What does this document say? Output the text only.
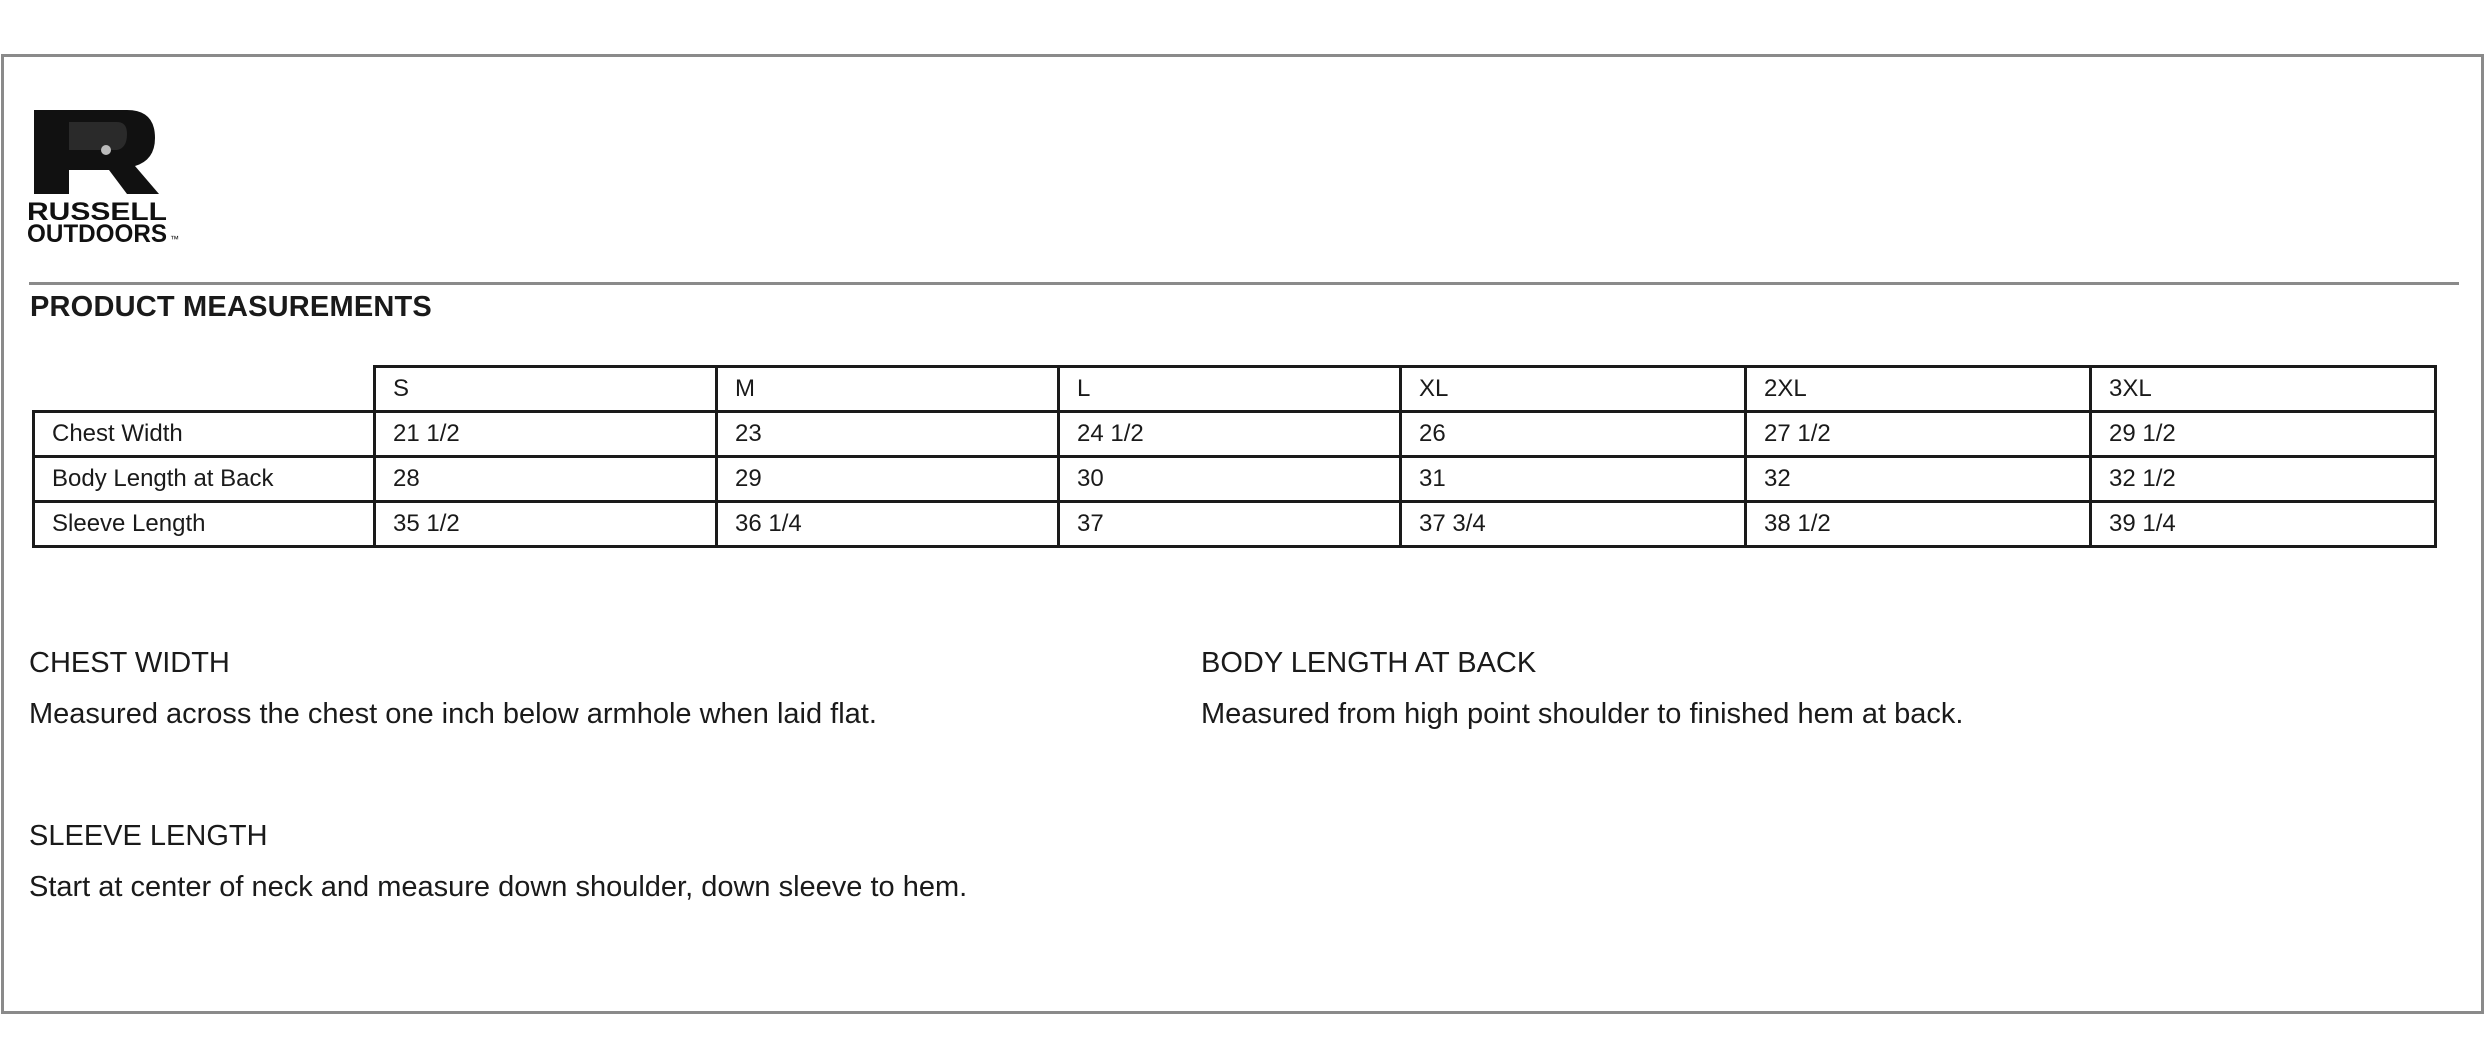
RUSSELL
OUTDOORS ™
PRODUCT MEASUREMENTS
	S	M	L	XL	2XL	3XL
Chest Width	21 1/2	23	24 1/2	26	27 1/2	29 1/2
Body Length at Back	28	29	30	31	32	32 1/2
Sleeve Length	35 1/2	36 1/4	37	37 3/4	38 1/2	39 1/4
CHEST WIDTH
Measured across the chest one inch below armhole when laid flat.
BODY LENGTH AT BACK
Measured from high point shoulder to finished hem at back.
SLEEVE LENGTH
Start at center of neck and measure down shoulder, down sleeve to hem.
